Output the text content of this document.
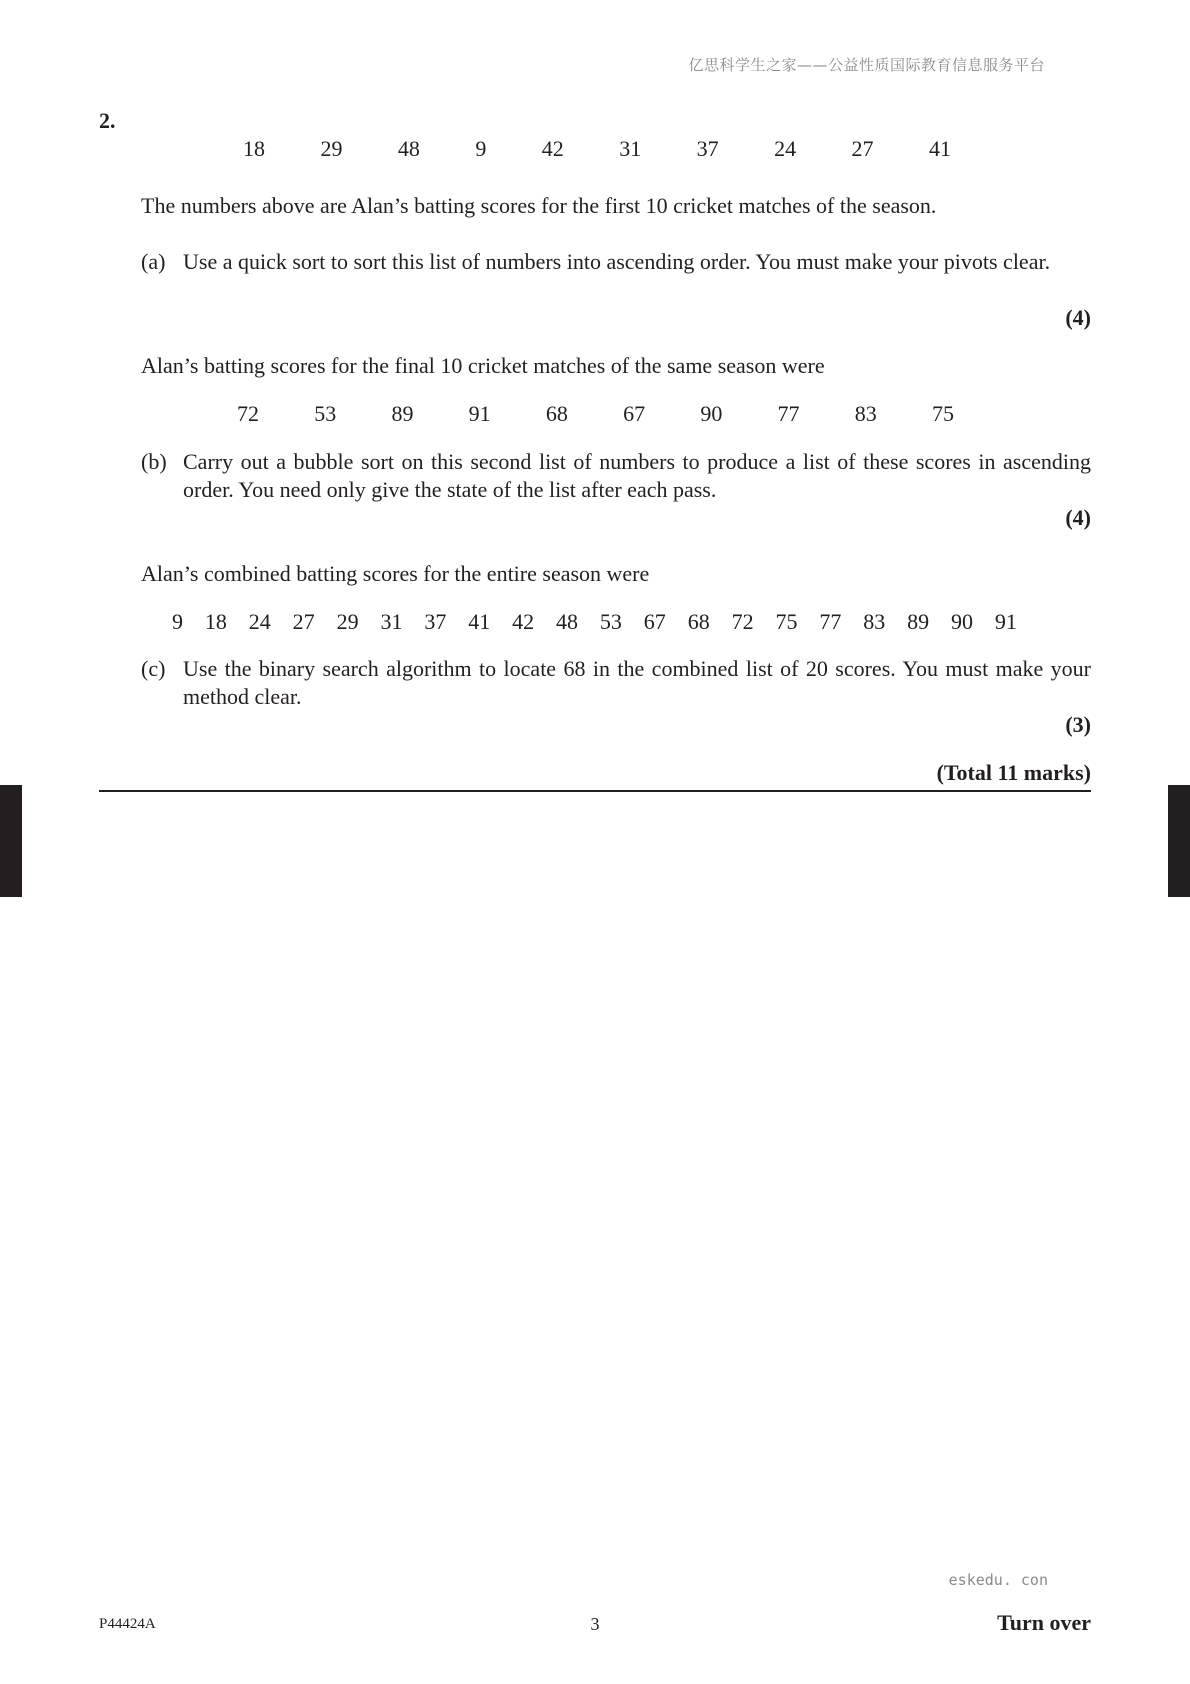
亿思科学生之家——公益性质国际教育信息服务平台
2.
18	29	48	9	42	31	37	24	27	41
The numbers above are Alan’s batting scores for the first 10 cricket matches of the season.
(a) Use a quick sort to sort this list of numbers into ascending order. You must make your pivots clear.
(4)
Alan’s batting scores for the final 10 cricket matches of the same season were
72	53	89	91	68	67	90	77	83	75
(b) Carry out a bubble sort on this second list of numbers to produce a list of these scores in ascending order. You need only give the state of the list after each pass.
(4)
Alan’s combined batting scores for the entire season were
9 18 24 27 29 31 37 41 42 48 53 67 68 72 75 77 83 89 90 91
(c) Use the binary search algorithm to locate 68 in the combined list of 20 scores. You must make your method clear.
(3)
(Total 11 marks)
eskedu. con
P44424A	3	Turn over
